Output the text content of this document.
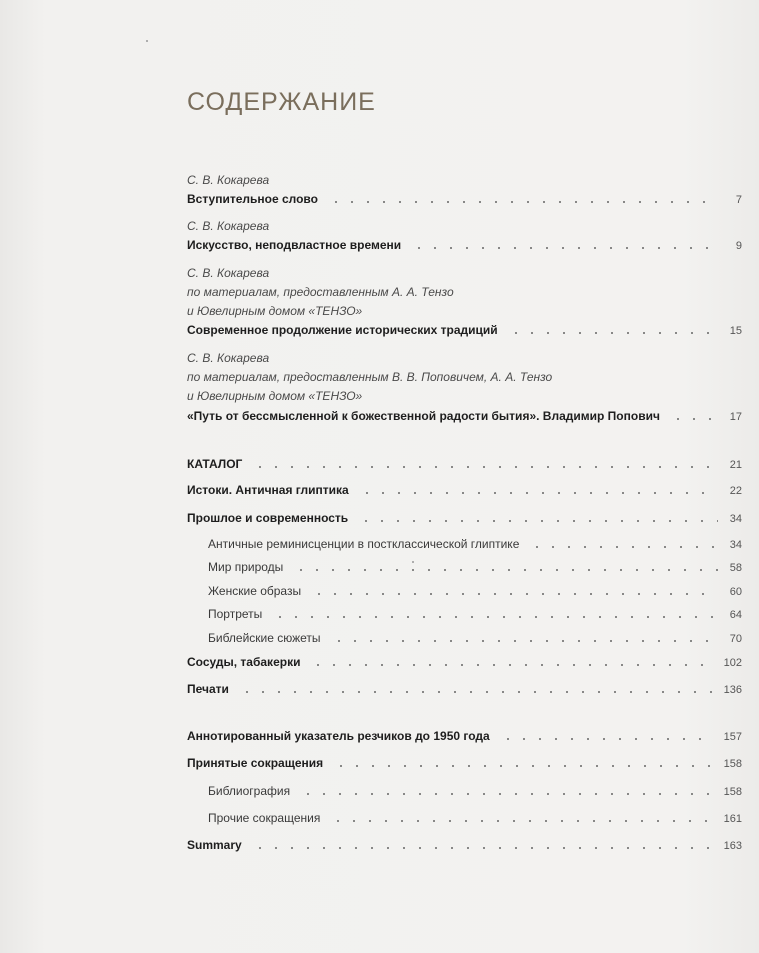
СОДЕРЖАНИЕ
С. В. Кокарева
Вступительное слово	7
С. В. Кокарева
Искусство, неподвластное времени	9
С. В. Кокарева
по материалам, предоставленным А. А. Тензо
и Ювелирным домом «ТЕНЗО»
Современное продолжение исторических традиций	15
С. В. Кокарева
по материалам, предоставленным В. В. Поповичем, А. А. Тензо
и Ювелирным домом «ТЕНЗО»
«Путь от бессмысленной к божественной радости бытия». Владимир Попович	17
КАТАЛОГ	21
Истоки. Античная глиптика	22
Прошлое и современность	34
Античные реминисценции в постклассической глиптике	34
Мир природы	58
Женские образы	60
Портреты	64
Библейские сюжеты	70
Сосуды, табакерки	102
Печати	136
Аннотированный указатель резчиков до 1950 года	157
Принятые сокращения	158
Библиография	158
Прочие сокращения	161
Summary	163
